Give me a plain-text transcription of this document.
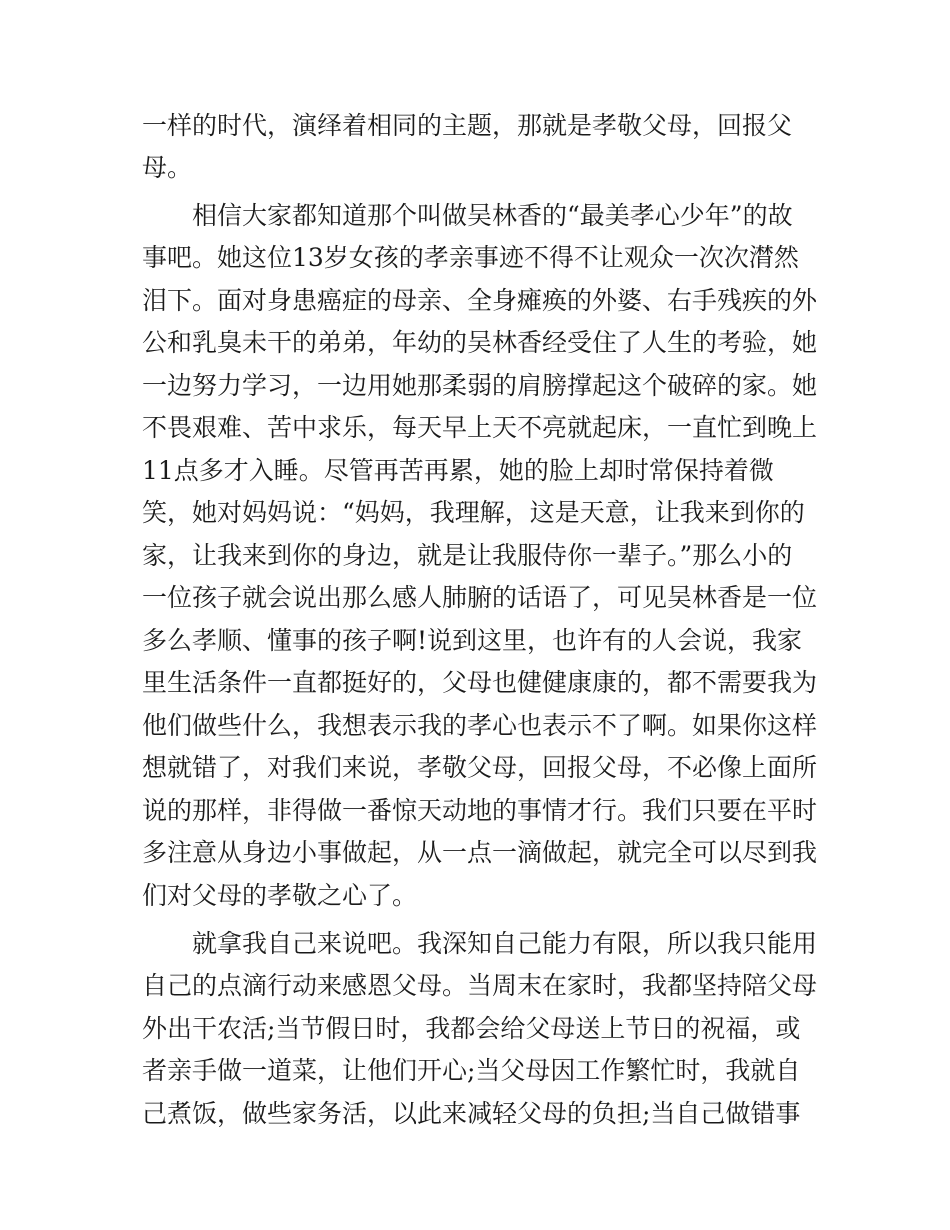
一样的时代，演绎着相同的主题，那就是孝敬父母，回报父
母。
相信大家都知道那个叫做吴林香的“最美孝心少年”的故
事吧。她这位13岁女孩的孝亲事迹不得不让观众一次次潸然
泪下。面对身患癌症的母亲、全身瘫痪的外婆、右手残疾的外
公和乳臭未干的弟弟，年幼的吴林香经受住了人生的考验，她
一边努力学习，一边用她那柔弱的肩膀撑起这个破碎的家。她
不畏艰难、苦中求乐，每天早上天不亮就起床，一直忙到晚上
11点多才入睡。尽管再苦再累，她的脸上却时常保持着微
笑，她对妈妈说：“妈妈，我理解，这是天意，让我来到你的
家，让我来到你的身边，就是让我服侍你一辈子。”那么小的
一位孩子就会说出那么感人肺腑的话语了，可见吴林香是一位
多么孝顺、懂事的孩子啊!说到这里，也许有的人会说，我家
里生活条件一直都挺好的，父母也健健康康的，都不需要我为
他们做些什么，我想表示我的孝心也表示不了啊。如果你这样
想就错了，对我们来说，孝敬父母，回报父母，不必像上面所
说的那样，非得做一番惊天动地的事情才行。我们只要在平时
多注意从身边小事做起，从一点一滴做起，就完全可以尽到我
们对父母的孝敬之心了。
就拿我自己来说吧。我深知自己能力有限，所以我只能用
自己的点滴行动来感恩父母。当周末在家时，我都坚持陪父母
外出干农活;当节假日时，我都会给父母送上节日的祝福，或
者亲手做一道菜，让他们开心;当父母因工作繁忙时，我就自
己煮饭，做些家务活，以此来减轻父母的负担;当自己做错事
